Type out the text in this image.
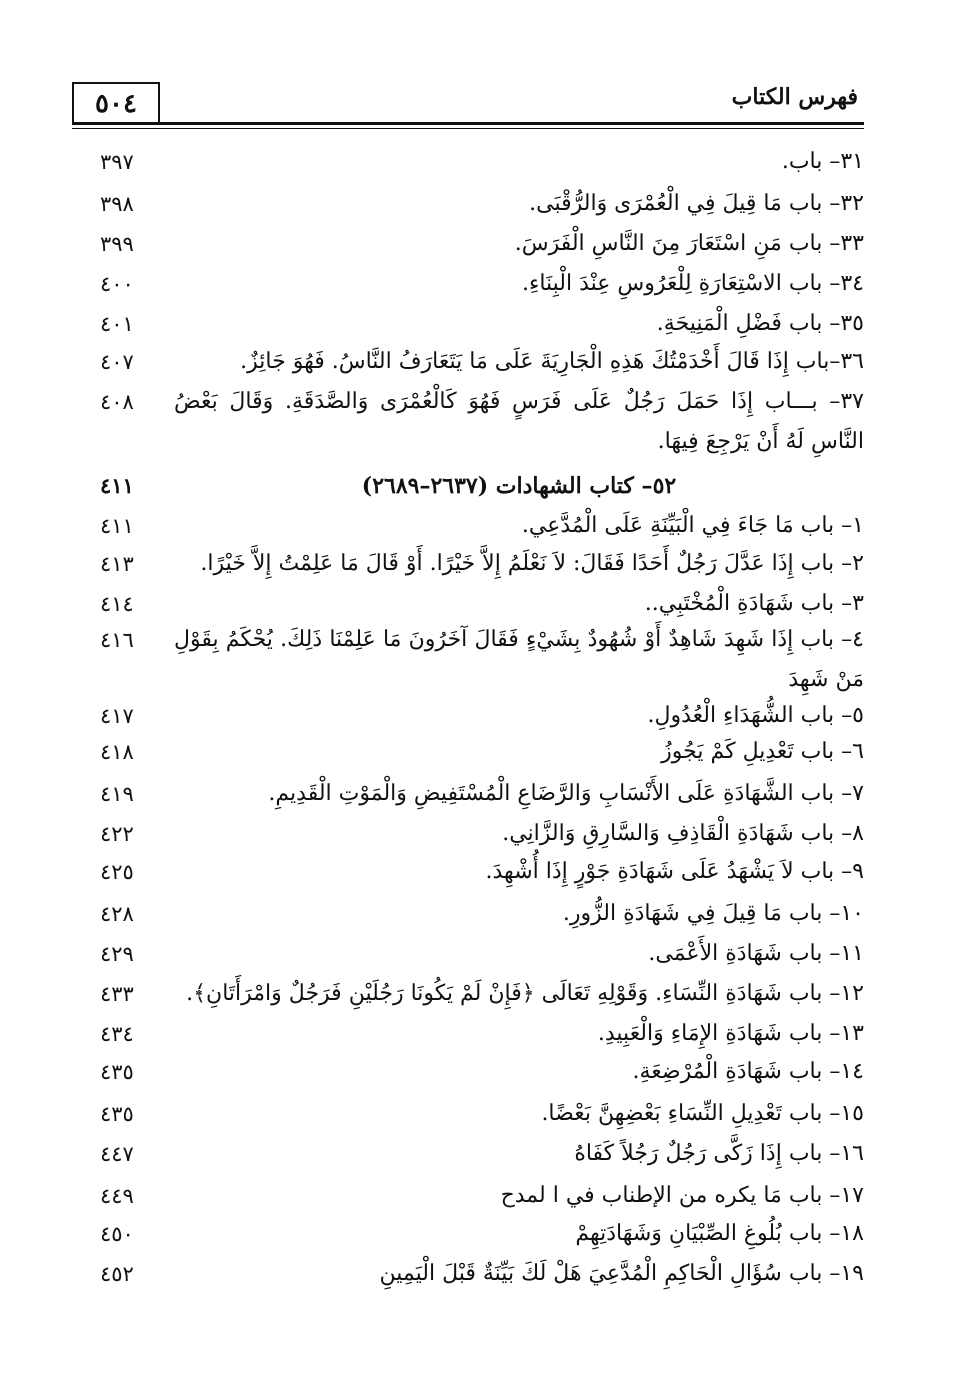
٥٠٤	فهرس الكتاب
٣١– باب.
٣٩٧
٣٢– باب مَا قِيلَ فِي الْعُمْرَى وَالرُّقْبَى.
٣٩٨
٣٣– باب مَنِ اسْتَعَارَ مِنَ النَّاسِ الْفَرَسَ.
٣٩٩
٣٤– باب الاسْتِعَارَةِ لِلْعَرُوسِ عِنْدَ الْبِنَاءِ.
٤٠٠
٣٥– باب فَضْلِ الْمَنِيحَةِ.
٤٠١
٣٦–باب إِذَا قَالَ أَخْدَمْتُكَ هَذِهِ الْجَارِيَةَ عَلَى مَا يَتَعَارَفُ النَّاسُ. فَهُوَ جَائِزٌ.
٤٠٧
٣٧– بـــاب إِذَا حَمَلَ رَجُلٌ عَلَى فَرَسٍ فَهُوَ كَالْعُمْرَى وَالصَّدَقَةِ. وَقَالَ بَعْضُ النَّاسِ لَهُ أَنْ يَرْجِعَ فِيهَا.
٤٠٨
٥٢– كتاب الشهادات (٢٦٣٧–٢٦٨٩)
٤١١
١– باب مَا جَاءَ فِي الْبَيِّنَةِ عَلَى الْمُدَّعِي.
٤١١
٢– باب إِذَا عَدَّلَ رَجُلٌ أَحَدًا فَقَالَ: لاَ نَعْلَمُ إِلاَّ خَيْرًا. أَوْ قَالَ مَا عَلِمْتُ إِلاَّ خَيْرًا.
٤١٣
٣– باب شَهَادَةِ الْمُخْتَبِي..
٤١٤
٤– باب إِذَا شَهِدَ شَاهِدٌ أَوْ شُهُودٌ بِشَيْءٍ فَقَالَ آخَرُونَ مَا عَلِمْنَا ذَلِكَ. يُحْكَمُ بِقَوْلِ مَنْ شَهِدَ
٤١٦
٥– باب الشُّهَدَاءِ الْعُدُولِ.
٤١٧
٦– باب تَعْدِيلِ كَمْ يَجُوزُ
٤١٨
٧– باب الشَّهَادَةِ عَلَى الأَنْسَابِ وَالرَّضَاعِ الْمُسْتَفِيضِ وَالْمَوْتِ الْقَدِيمِ.
٤١٩
٨– باب شَهَادَةِ الْقَاذِفِ وَالسَّارِقِ وَالزَّانِي.
٤٢٢
٩– باب لاَ يَشْهَدُ عَلَى شَهَادَةِ جَوْرٍ إِذَا أُشْهِدَ.
٤٢٥
١٠– باب مَا قِيلَ فِي شَهَادَةِ الزُّورِ.
٤٢٨
١١– باب شَهَادَةِ الأَعْمَى.
٤٢٩
١٢– باب شَهَادَةِ النِّسَاءِ. وَقَوْلِهِ تَعَالَى ﴿فَإِنْ لَمْ يَكُونَا رَجُلَيْنِ فَرَجُلٌ وَامْرَأَتَانِ﴾.
٤٣٣
١٣– باب شَهَادَةِ الإِمَاءِ وَالْعَبِيدِ.
٤٣٤
١٤– باب شَهَادَةِ الْمُرْضِعَةِ.
٤٣٥
١٥– باب تَعْدِيلِ النِّسَاءِ بَعْضِهِنَّ بَعْضًا.
٤٣٥
١٦– باب إِذَا زَكَّى رَجُلٌ رَجُلاً كَفَاهُ
٤٤٧
١٧– باب مَا يكره من الإطناب في ا لمدح
٤٤٩
١٨– باب بُلُوغِ الصِّبْيَانِ وَشَهَادَتِهِمْ
٤٥٠
١٩– باب سُؤَالِ الْحَاكِمِ الْمُدَّعِيَ هَلْ لَكَ بَيِّنَةٌ قَبْلَ الْيَمِينِ
٤٥٢
